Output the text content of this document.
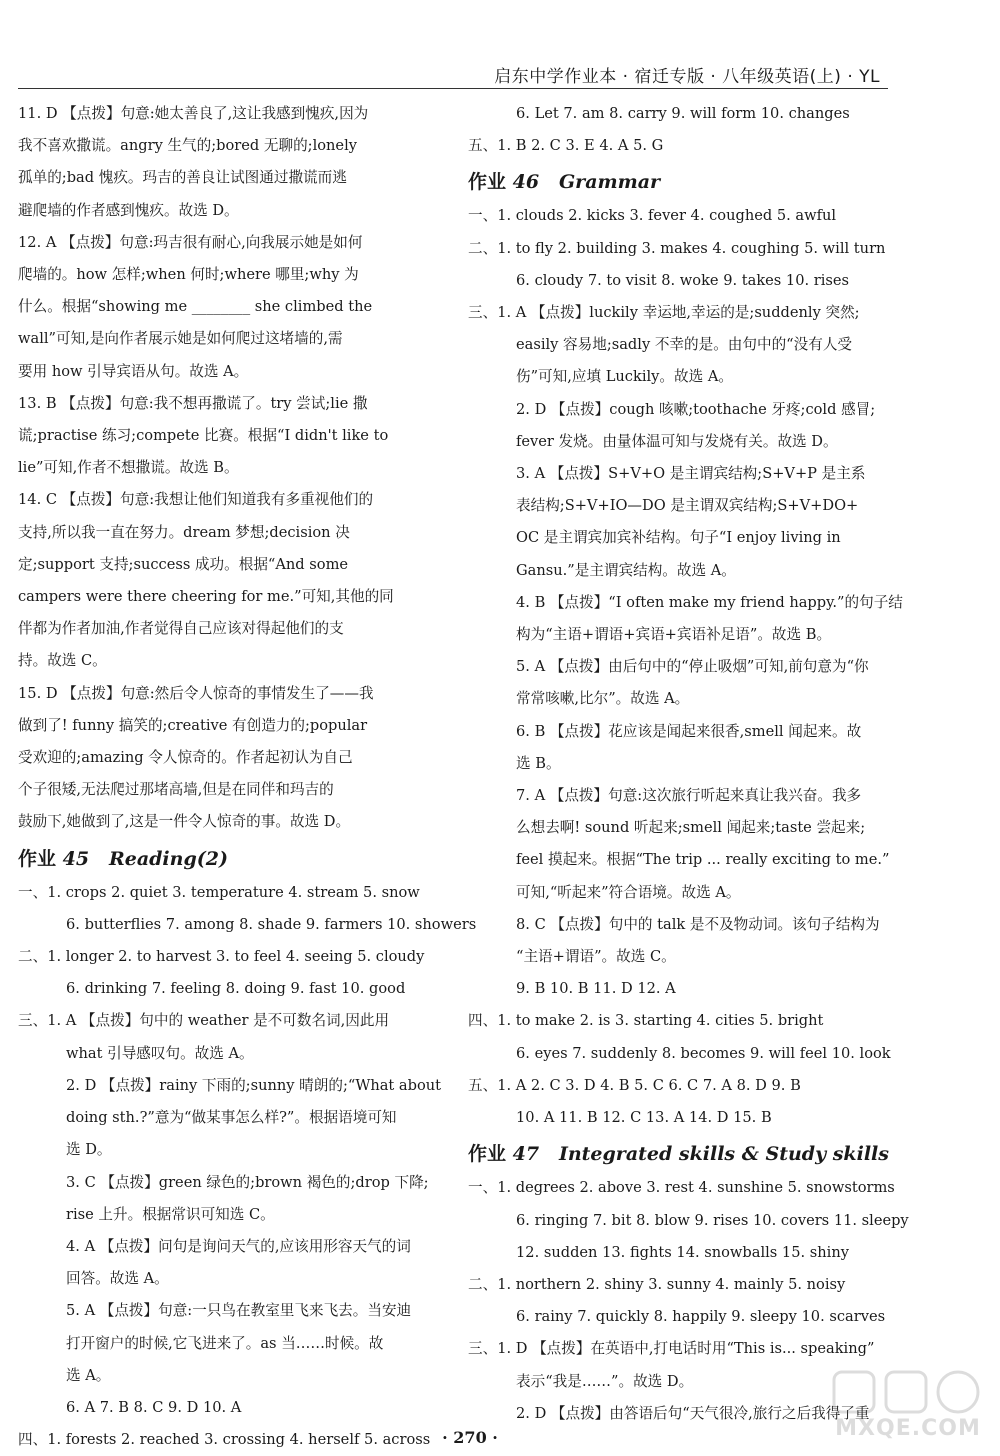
启东中学作业本 · 宿迁专版 · 八年级英语(上) · YL
11. D 【点拨】句意:她太善良了,这让我感到愧疚,因为
我不喜欢撒谎。angry 生气的;bored 无聊的;lonely
孤单的;bad 愧疚。玛吉的善良让试图通过撒谎而逃
避爬墙的作者感到愧疚。故选 D。
12. A 【点拨】句意:玛吉很有耐心,向我展示她是如何
爬墙的。how 怎样;when 何时;where 哪里;why 为
什么。根据“showing me ________ she climbed the
wall”可知,是向作者展示她是如何爬过这堵墙的,需
要用 how 引导宾语从句。故选 A。
13. B 【点拨】句意:我不想再撒谎了。try 尝试;lie 撒
谎;practise 练习;compete 比赛。根据“I didn't like to
lie”可知,作者不想撒谎。故选 B。
14. C 【点拨】句意:我想让他们知道我有多重视他们的
支持,所以我一直在努力。dream 梦想;decision 决
定;support 支持;success 成功。根据“And some
campers were there cheering for me.”可知,其他的同
伴都为作者加油,作者觉得自己应该对得起他们的支
持。故选 C。
15. D 【点拨】句意:然后令人惊奇的事情发生了——我
做到了! funny 搞笑的;creative 有创造力的;popular
受欢迎的;amazing 令人惊奇的。作者起初认为自己
个子很矮,无法爬过那堵高墙,但是在同伴和玛吉的
鼓励下,她做到了,这是一件令人惊奇的事。故选 D。
作业 45 Reading(2)
一、1. crops 2. quiet 3. temperature 4. stream 5. snow
6. butterflies 7. among 8. shade 9. farmers 10. showers
二、1. longer 2. to harvest 3. to feel 4. seeing 5. cloudy
6. drinking 7. feeling 8. doing 9. fast 10. good
三、1. A 【点拨】句中的 weather 是不可数名词,因此用
what 引导感叹句。故选 A。
2. D 【点拨】rainy 下雨的;sunny 晴朗的;“What about
doing sth.?”意为“做某事怎么样?”。根据语境可知
选 D。
3. C 【点拨】green 绿色的;brown 褐色的;drop 下降;
rise 上升。根据常识可知选 C。
4. A 【点拨】问句是询问天气的,应该用形容天气的词
回答。故选 A。
5. A 【点拨】句意:一只鸟在教室里飞来飞去。当安迪
打开窗户的时候,它飞进来了。as 当……时候。故
选 A。
6. A 7. B 8. C 9. D 10. A
四、1. forests 2. reached 3. crossing 4. herself 5. across
6. Let 7. am 8. carry 9. will form 10. changes
五、1. B 2. C 3. E 4. A 5. G
作业 46 Grammar
一、1. clouds 2. kicks 3. fever 4. coughed 5. awful
二、1. to fly 2. building 3. makes 4. coughing 5. will turn
6. cloudy 7. to visit 8. woke 9. takes 10. rises
三、1. A 【点拨】luckily 幸运地,幸运的是;suddenly 突然;
easily 容易地;sadly 不幸的是。由句中的“没有人受
伤”可知,应填 Luckily。故选 A。
2. D 【点拨】cough 咳嗽;toothache 牙疼;cold 感冒;
fever 发烧。由量体温可知与发烧有关。故选 D。
3. A 【点拨】S+V+O 是主谓宾结构;S+V+P 是主系
表结构;S+V+IO—DO 是主谓双宾结构;S+V+DO+
OC 是主谓宾加宾补结构。句子“I enjoy living in
Gansu.”是主谓宾结构。故选 A。
4. B 【点拨】“I often make my friend happy.”的句子结
构为“主语+谓语+宾语+宾语补足语”。故选 B。
5. A 【点拨】由后句中的“停止吸烟”可知,前句意为“你
常常咳嗽,比尔”。故选 A。
6. B 【点拨】花应该是闻起来很香,smell 闻起来。故
选 B。
7. A 【点拨】句意:这次旅行听起来真让我兴奋。我多
么想去啊! sound 听起来;smell 闻起来;taste 尝起来;
feel 摸起来。根据“The trip ... really exciting to me.”
可知,“听起来”符合语境。故选 A。
8. C 【点拨】句中的 talk 是不及物动词。该句子结构为
“主语+谓语”。故选 C。
9. B 10. B 11. D 12. A
四、1. to make 2. is 3. starting 4. cities 5. bright
6. eyes 7. suddenly 8. becomes 9. will feel 10. look
五、1. A 2. C 3. D 4. B 5. C 6. C 7. A 8. D 9. B
10. A 11. B 12. C 13. A 14. D 15. B
作业 47 Integrated skills & Study skills
一、1. degrees 2. above 3. rest 4. sunshine 5. snowstorms
6. ringing 7. bit 8. blow 9. rises 10. covers 11. sleepy
12. sudden 13. fights 14. snowballs 15. shiny
二、1. northern 2. shiny 3. sunny 4. mainly 5. noisy
6. rainy 7. quickly 8. happily 9. sleepy 10. scarves
三、1. D 【点拨】在英语中,打电话时用“This is... speaking”
表示“我是……”。故选 D。
2. D 【点拨】由答语后句“天气很冷,旅行之后我得了重
· 270 ·	MXQE.COM
